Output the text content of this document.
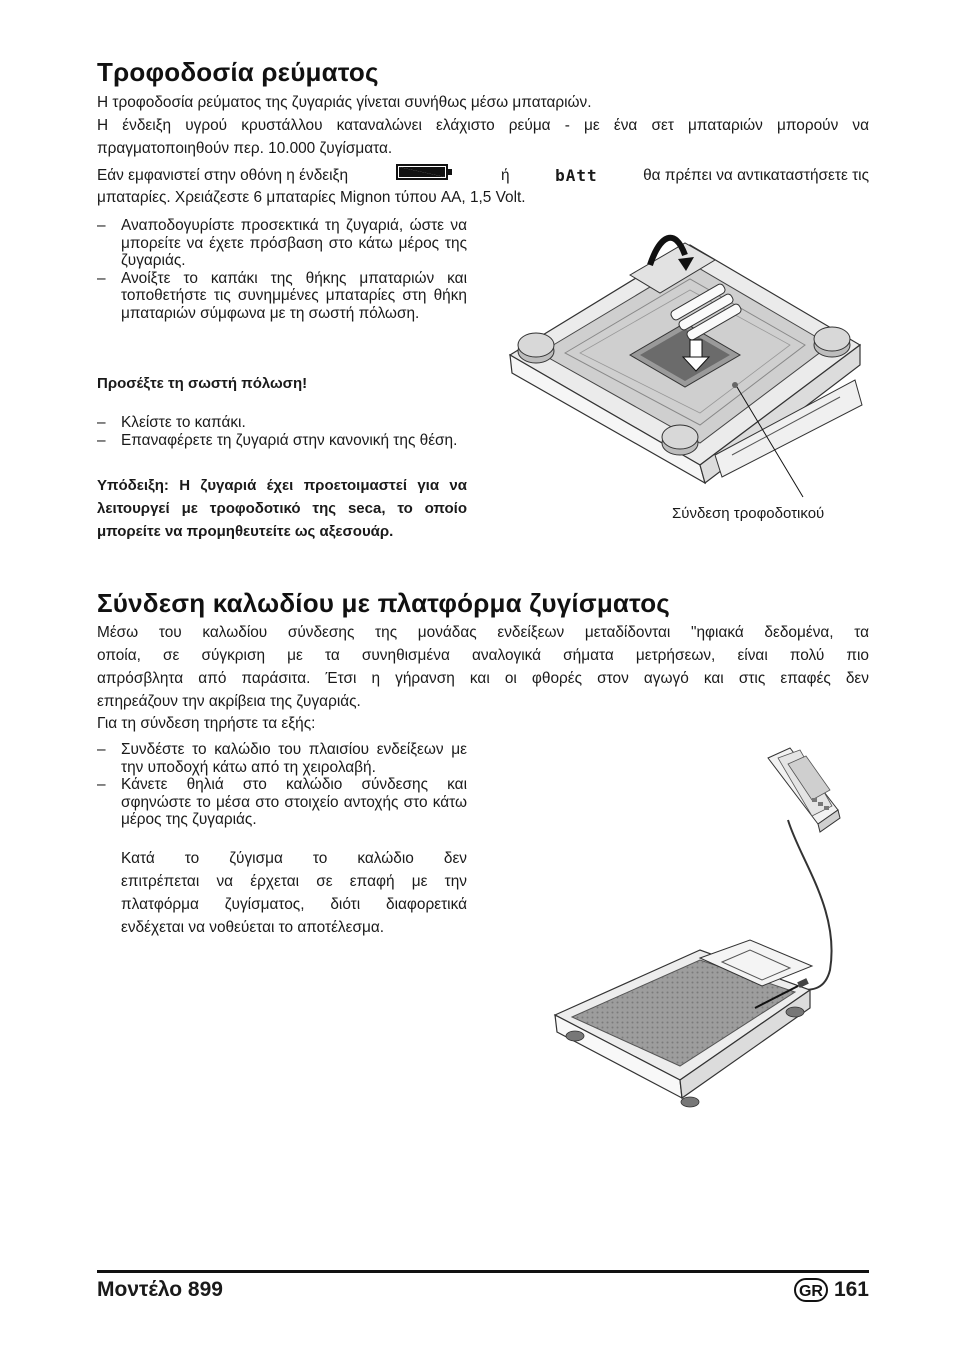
Τροφοδοσία ρεύματος

Η τροφοδοσία ρεύματος της ζυγαριάς γίνεται συνήθως μέσω μπαταριών.

Η ένδειξη υγρού κρυστάλλου καταναλώνει ελάχιστο ρεύμα - με ένα σετ μπαταριών μπορούν να

πραγματοποιηθούν περ. 10.000 ζυγίσματα.

Εάν εμφανιστεί στην οθόνη η ένδειξη	ή	bAtt	θα πρέπει να αντικαταστήσετε τις

μπαταρίες. Χρειάζεστε 6 μπαταρίες Mignon τύπου AA, 1,5 Volt.

– Αναποδογυρίστε προσεκτικά τη ζυγαριά, ώστε να μπορείτε να έχετε πρόσβαση στο κάτω μέρος της ζυγαριάς.
– Ανοίξτε το καπάκι της θήκης μπαταριών και τοποθετήστε τις συνημμένες μπαταρίες στη θήκη μπαταριών σύμφωνα με τη σωστή πόλωση.

Προσέξτε τη σωστή πόλωση!

– Κλείστε το καπάκι.
– Επαναφέρετε τη ζυγαριά στην κανονική της θέση.

Υπόδειξη: Η ζυγαριά έχει προετοιμαστεί για να λειτουργεί με τροφοδοτικό της seca, το οποίο μπορείτε να προμηθευτείτε ως αξεσουάρ.

Σύνδεση τροφοδοτικού
Σύνδεση καλωδίου με πλατφόρμα ζυγίσματος

Μέσω του καλωδίου σύνδεσης της μονάδας ενδείξεων μεταδίδονται "ηφιακά δεδομένα, τα

οποία, σε σύγκριση με τα συνηθισμένα αναλογικά σήματα μετρήσεων, είναι πολύ πιο

απρόσβλητα από παράσιτα. Έτσι η γήρανση και οι φθορές στον αγωγό και στις επαφές δεν

επηρεάζουν την ακρίβεια της ζυγαριάς.

Για τη σύνδεση τηρήστε τα εξής:

– Συνδέστε το καλώδιο του πλαισίου ενδείξεων με την υποδοχή κάτω από τη χειρολαβή.
– Κάνετε θηλιά στο καλώδιο σύνδεσης και σφηνώστε το μέσα στο στοιχείο αντοχής στο κάτω μέρος της ζυγαριάς.

Κατά το ζύγισμα το καλώδιο δεν

επιτρέπεται να έρχεται σε επαφή με την

πλατφόρμα ζυγίσματος, διότι διαφορετικά

ενδέχεται να νοθεύεται το αποτέλεσμα.

Μοντέλο 899	GR 161
